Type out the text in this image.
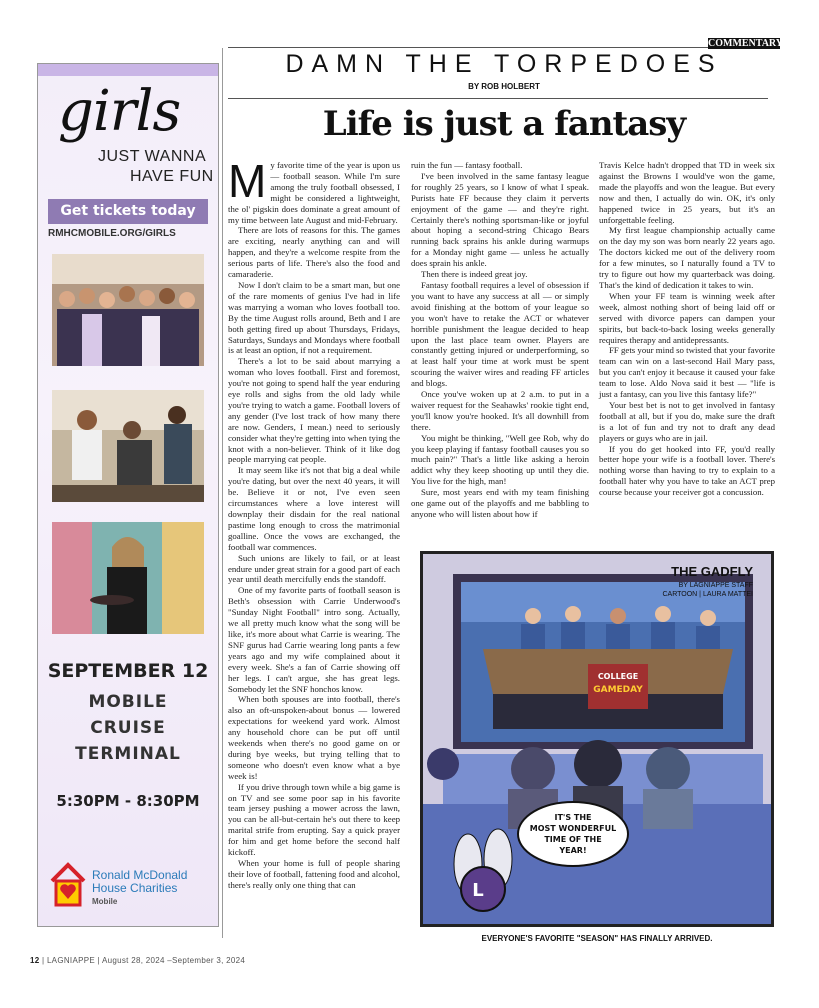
girls
JUST WANNA
HAVE FUN
Get tickets today
RMHCMOBILE.ORG/GIRLS
SEPTEMBER 12
MOBILE
CRUISE
TERMINAL
5:30PM - 8:30PM
Ronald McDonald
House Charities
Mobile
COMMENTARY
DAMN THE TORPEDOES
BY ROB HOLBERT
Life is just a fantasy

My favorite time of the year is upon us — football season. While I'm sure among the truly football obsessed, I might be considered a lightweight, the ol' pigskin does dominate a great amount of my time between late August and mid-February.

There are lots of reasons for this. The games are exciting, nearly anything can and will happen, and they're a welcome respite from the serious parts of life. There's also the food and camaraderie.

Now I don't claim to be a smart man, but one of the rare moments of genius I've had in life was marrying a woman who loves football too. By the time August rolls around, Beth and I are both getting fired up about Thursdays, Fridays, Saturdays, Sundays and Mondays where football is at least an option, if not a requirement.

There's a lot to be said about marrying a woman who loves football. First and foremost, you're not going to spend half the year enduring eye rolls and sighs from the old lady while you're trying to watch a game. Football lovers of any gender (I've lost track of how many there are now. Genders, I mean.) need to seriously consider what they're getting into when tying the knot with a non-believer. Think of it like dog people marrying cat people.

It may seem like it's not that big a deal while you're dating, but over the next 40 years, it will be. Believe it or not, I've even seen circumstances where a love interest will downplay their disdain for the real national pastime long enough to cross the matrimonial goalline. Once the vows are exchanged, the football war commences.

Such unions are likely to fail, or at least endure under great strain for a good part of each year until death mercifully ends the standoff.

One of my favorite parts of football season is Beth's obsession with Carrie Underwood's "Sunday Night Football" intro song. Actually, we all pretty much know what the song will be like, it's more about what Carrie is wearing. The SNF gurus had Carrie wearing long pants a few years ago and my wife complained about it every week. She's a fan of Carrie showing off her legs. I can't argue, she has great legs. Somebody let the SNF honchos know.

When both spouses are into football, there's also an oft-unspoken-about bonus — lowered expectations for weekend yard work. Almost any household chore can be put off until weekends when there's no good game on or during bye weeks, but trying telling that to someone who doesn't even know what a bye week is!

If you drive through town while a big game is on TV and see some poor sap in his favorite team jersey pushing a mower across the lawn, you can be all-but-certain he's out there to keep marital strife from erupting. Say a quick prayer for him and get home before the second half kickoff.

When your home is full of people sharing their love of football, fattening food and alcohol, there's really only one thing that can

ruin the fun — fantasy football.

I've been involved in the same fantasy league for roughly 25 years, so I know of what I speak. Purists hate FF because they claim it perverts enjoyment of the game — and they're right. Certainly there's nothing sportsman-like or joyful about hoping a second-string Chicago Bears running back sprains his ankle during warmups for a Monday night game — unless he actually does sprain his ankle.

Then there is indeed great joy.

Fantasy football requires a level of obsession if you want to have any success at all — or simply avoid finishing at the bottom of your league so you won't have to retake the ACT or whatever horrible punishment the league decided to heap upon the last place team owner. Players are constantly getting injured or underperforming, so at least half your time at work must be spent scouring the waiver wires and reading FF articles and blogs.

Once you've woken up at 2 a.m. to put in a waiver request for the Seahawks' rookie tight end, you'll know you're hooked. It's all downhill from there.

You might be thinking, "Well gee Rob, why do you keep playing if fantasy football causes you so much pain?" That's a little like asking a heroin addict why they keep shooting up until they die. You live for the high, man!

Sure, most years end with my team finishing one game out of the playoffs and me babbling to anyone who will listen about how if

Travis Kelce hadn't dropped that TD in week six against the Browns I would've won the game, made the playoffs and won the league. But every now and then, I actually do win. OK, it's only happened twice in 25 years, but it's an unforgettable feeling.

My first league championship actually came on the day my son was born nearly 22 years ago. The doctors kicked me out of the delivery room for a few minutes, so I naturally found a TV to try to figure out how my quarterback was doing. That's the kind of dedication it takes to win.

When your FF team is winning week after week, almost nothing short of being laid off or served with divorce papers can dampen your spirits, but back-to-back losing weeks generally requires therapy and antidepressants.

FF gets your mind so twisted that your favorite team can win on a last-second Hail Mary pass, but you can't enjoy it because it caused your fake team to lose. Aldo Nova said it best — "life is just a fantasy, can you live this fantasy life?"

Your best bet is not to get involved in fantasy football at all, but if you do, make sure the draft is a lot of fun and try not to draft any dead players or guys who are in jail.

If you do get hooked into FF, you'd really better hope your wife is a football lover. There's nothing worse than having to try to explain to a football hater why you have to take an ACT prep course because your receiver got a concussion.

COLLEGE
GAMEDAY
THE GADFLY
BY LAGNIAPPE STAFF
CARTOON | LAURA MATTEI
IT'S THE
MOST WONDERFUL
TIME OF THE
YEAR!
L
EVERYONE'S FAVORITE "SEASON" HAS FINALLY ARRIVED.
12 | LAGNIAPPE | August 28, 2024 –September 3, 2024
